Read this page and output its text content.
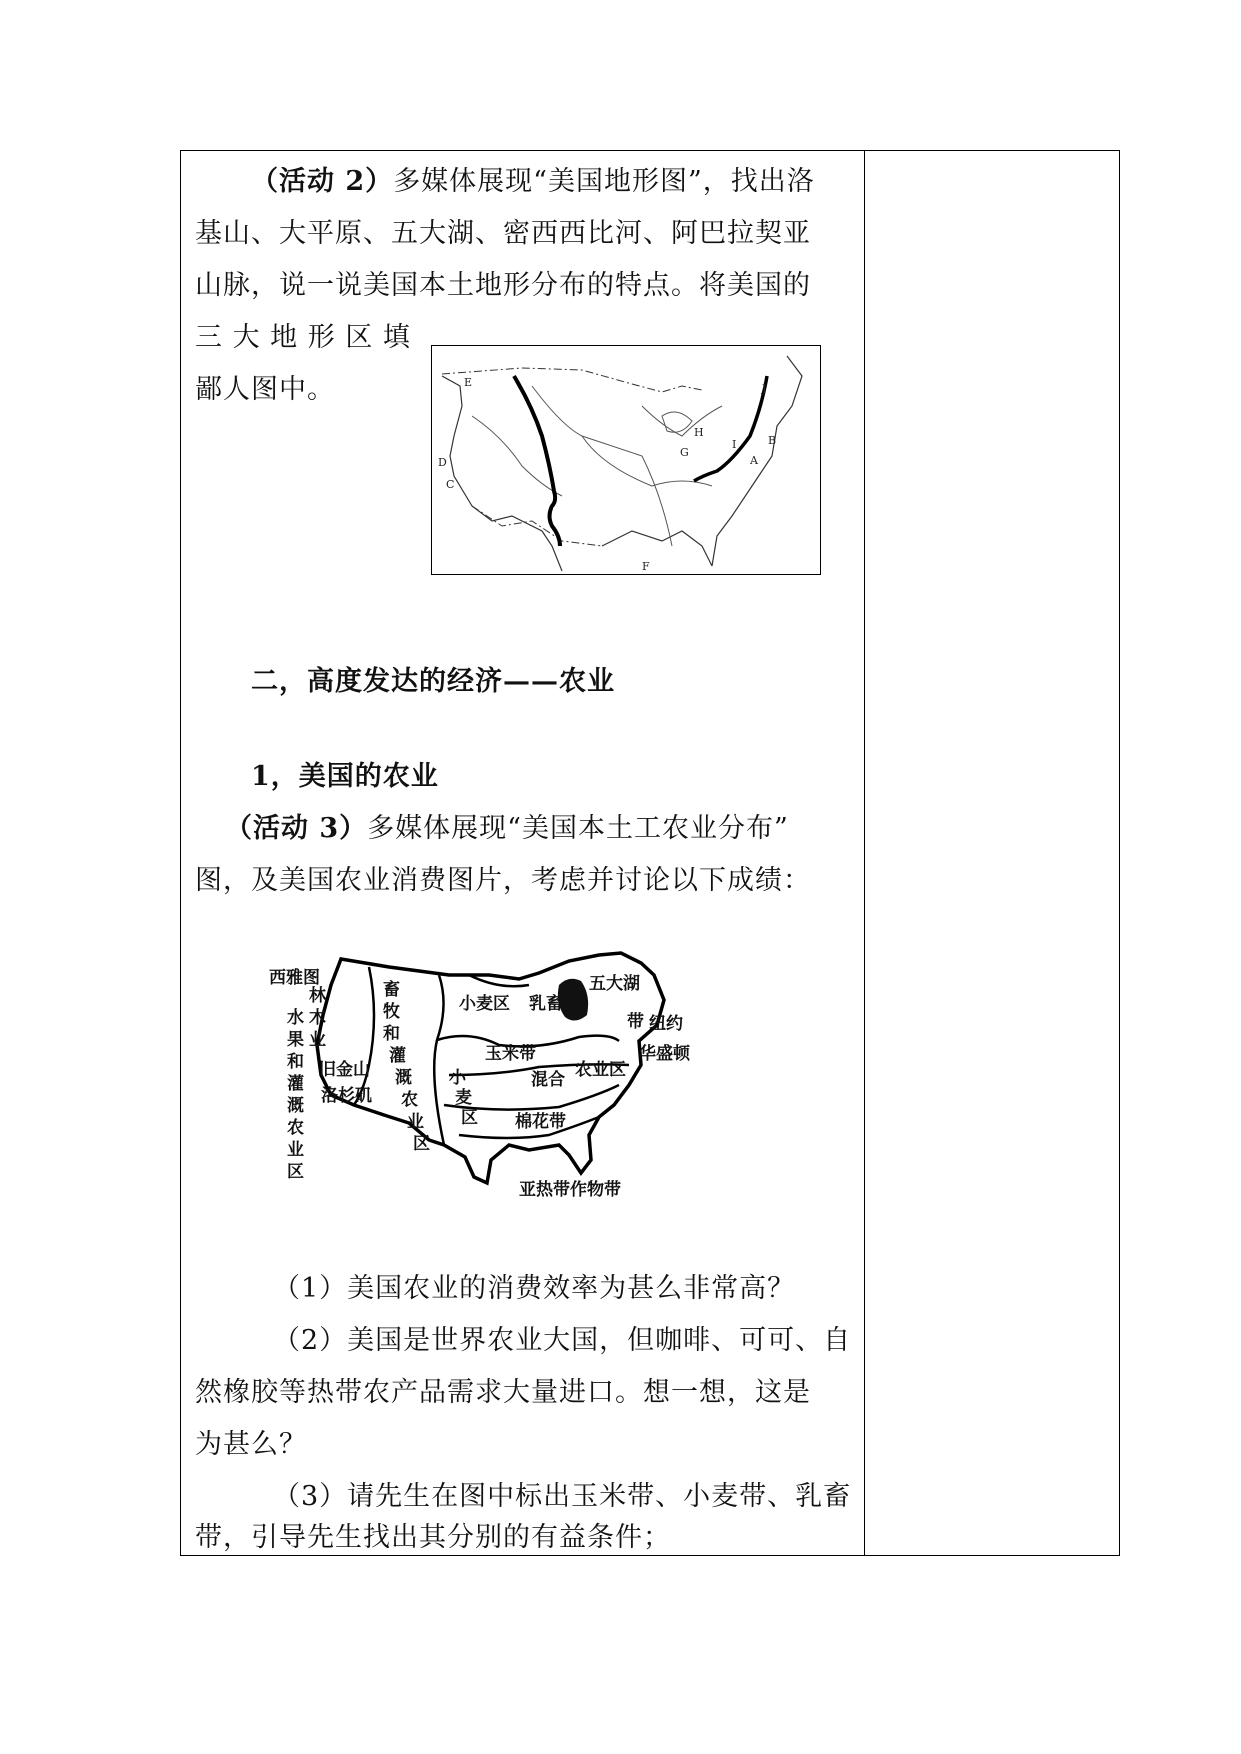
（活动 2）多媒体展现“美国地形图”，找出洛
基山、大平原、五大湖、密西西比河、阿巴拉契亚
山脉，说一说美国本土地形分布的特点。将美国的
三 大 地 形 区 填
鄙人图中。	E
D
C
J
H
G
I	B
A
F
二，高度发达的经济——农业
1，美国的农业
（活动 3）多媒体展现“美国本土工农业分布”
图，及美国农业消费图片，考虑并讨论以下成绩：
西雅图
水
果
和
灌
溉
农
业
区
林
木
业
畜
牧
和
灌
溉
农
业
区
旧金山
洛杉矶
小麦区 乳畜
五大湖
玉米带
小
麦
区
混合 农业区
带 纽约
华盛顿
棉花带
亚热带作物带
（1）美国农业的消费效率为甚么非常高？
（2）美国是世界农业大国，但咖啡、可可、自
然橡胶等热带农产品需求大量进口。想一想，这是
为甚么？
（3）请先生在图中标出玉米带、小麦带、乳畜
带，引导先生找出其分别的有益条件；
